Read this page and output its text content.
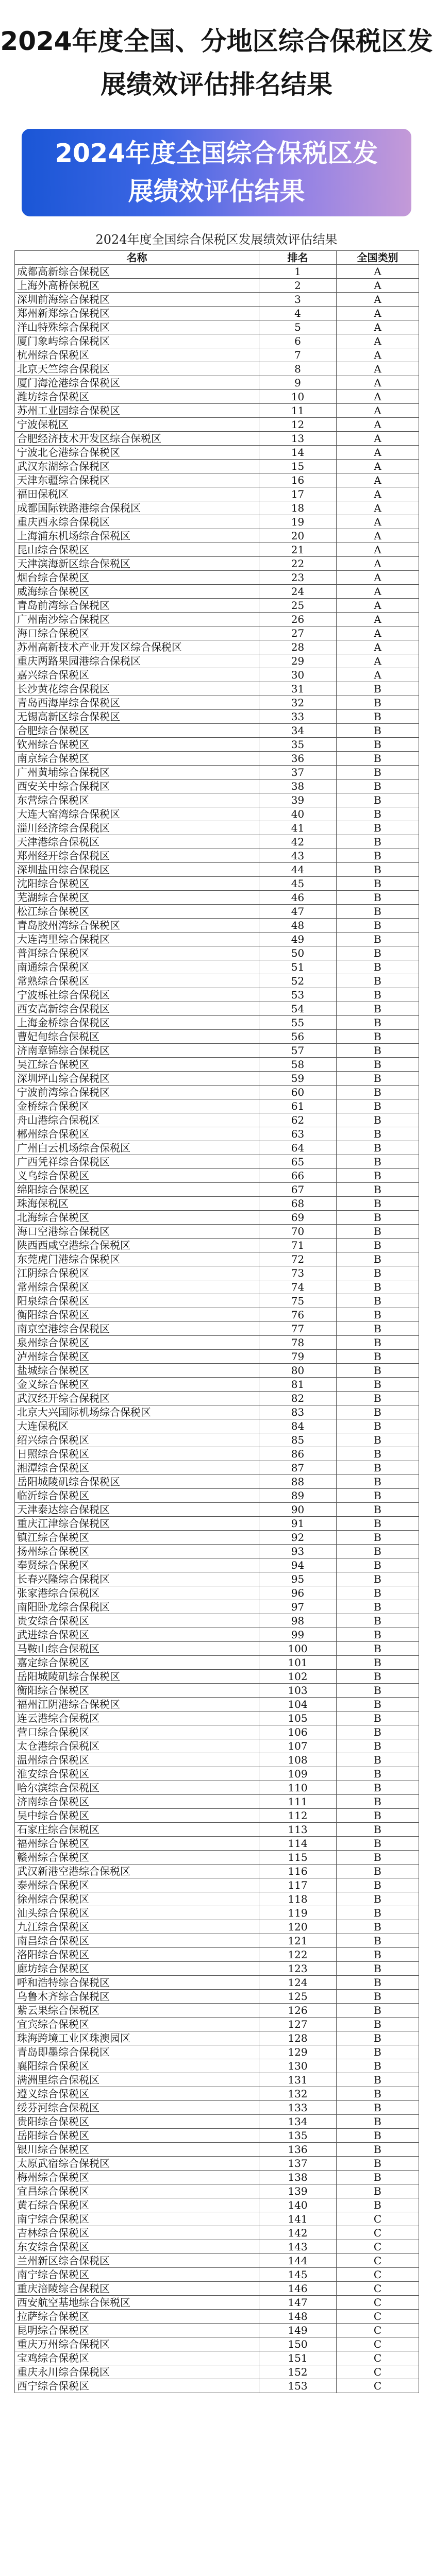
2024年度全国、分地区综合保税区发展绩效评估排名结果
2024年度全国综合保税区发展绩效评估结果
2024年度全国综合保税区发展绩效评估结果
名称	排名	全国类别
成都高新综合保税区	1	A
上海外高桥保税区	2	A
深圳前海综合保税区	3	A
郑州新郑综合保税区	4	A
洋山特殊综合保税区	5	A
厦门象屿综合保税区	6	A
杭州综合保税区	7	A
北京天竺综合保税区	8	A
厦门海沧港综合保税区	9	A
潍坊综合保税区	10	A
苏州工业园综合保税区	11	A
宁波保税区	12	A
合肥经济技术开发区综合保税区	13	A
宁波北仑港综合保税区	14	A
武汉东湖综合保税区	15	A
天津东疆综合保税区	16	A
福田保税区	17	A
成都国际铁路港综合保税区	18	A
重庆西永综合保税区	19	A
上海浦东机场综合保税区	20	A
昆山综合保税区	21	A
天津滨海新区综合保税区	22	A
烟台综合保税区	23	A
威海综合保税区	24	A
青岛前湾综合保税区	25	A
广州南沙综合保税区	26	A
海口综合保税区	27	A
苏州高新技术产业开发区综合保税区	28	A
重庆两路果园港综合保税区	29	A
嘉兴综合保税区	30	A
长沙黄花综合保税区	31	B
青岛西海岸综合保税区	32	B
无锡高新区综合保税区	33	B
合肥综合保税区	34	B
钦州综合保税区	35	B
南京综合保税区	36	B
广州黄埔综合保税区	37	B
西安关中综合保税区	38	B
东营综合保税区	39	B
大连大窑湾综合保税区	40	B
淄川经济综合保税区	41	B
天津港综合保税区	42	B
郑州经开综合保税区	43	B
深圳盐田综合保税区	44	B
沈阳综合保税区	45	B
芜湖综合保税区	46	B
松江综合保税区	47	B
青岛胶州湾综合保税区	48	B
大连湾里综合保税区	49	B
普洱综合保税区	50	B
南通综合保税区	51	B
常熟综合保税区	52	B
宁波栎社综合保税区	53	B
西安高新综合保税区	54	B
上海金桥综合保税区	55	B
曹妃甸综合保税区	56	B
济南章锦综合保税区	57	B
吴江综合保税区	58	B
深圳坪山综合保税区	59	B
宁波前湾综合保税区	60	B
金桥综合保税区	61	B
舟山港综合保税区	62	B
郴州综合保税区	63	B
广州白云机场综合保税区	64	B
广西凭祥综合保税区	65	B
义乌综合保税区	66	B
绵阳综合保税区	67	B
珠海保税区	68	B
北海综合保税区	69	B
海口空港综合保税区	70	B
陕西西咸空港综合保税区	71	B
东莞虎门港综合保税区	72	B
江阴综合保税区	73	B
常州综合保税区	74	B
阳泉综合保税区	75	B
衡阳综合保税区	76	B
南京空港综合保税区	77	B
泉州综合保税区	78	B
泸州综合保税区	79	B
盐城综合保税区	80	B
金义综合保税区	81	B
武汉经开综合保税区	82	B
北京大兴国际机场综合保税区	83	B
大连保税区	84	B
绍兴综合保税区	85	B
日照综合保税区	86	B
湘潭综合保税区	87	B
岳阳城陵矶综合保税区	88	B
临沂综合保税区	89	B
天津泰达综合保税区	90	B
重庆江津综合保税区	91	B
镇江综合保税区	92	B
扬州综合保税区	93	B
奉贤综合保税区	94	B
长春兴隆综合保税区	95	B
张家港综合保税区	96	B
南阳卧龙综合保税区	97	B
贵安综合保税区	98	B
武进综合保税区	99	B
马鞍山综合保税区	100	B
嘉定综合保税区	101	B
岳阳城陵矶综合保税区	102	B
衡阳综合保税区	103	B
福州江阴港综合保税区	104	B
连云港综合保税区	105	B
营口综合保税区	106	B
太仓港综合保税区	107	B
温州综合保税区	108	B
淮安综合保税区	109	B
哈尔滨综合保税区	110	B
济南综合保税区	111	B
吴中综合保税区	112	B
石家庄综合保税区	113	B
福州综合保税区	114	B
赣州综合保税区	115	B
武汉新港空港综合保税区	116	B
泰州综合保税区	117	B
徐州综合保税区	118	B
汕头综合保税区	119	B
九江综合保税区	120	B
南昌综合保税区	121	B
洛阳综合保税区	122	B
廊坊综合保税区	123	B
呼和浩特综合保税区	124	B
乌鲁木齐综合保税区	125	B
紫云果综合保税区	126	B
宜宾综合保税区	127	B
珠海跨境工业区珠澳园区	128	B
青岛即墨综合保税区	129	B
襄阳综合保税区	130	B
满洲里综合保税区	131	B
遵义综合保税区	132	B
绥芬河综合保税区	133	B
贵阳综合保税区	134	B
岳阳综合保税区	135	B
银川综合保税区	136	B
太原武宿综合保税区	137	B
梅州综合保税区	138	B
宜昌综合保税区	139	B
黄石综合保税区	140	B
南宁综合保税区	141	C
吉林综合保税区	142	C
东安综合保税区	143	C
兰州新区综合保税区	144	C
南宁综合保税区	145	C
重庆涪陵综合保税区	146	C
西安航空基地综合保税区	147	C
拉萨综合保税区	148	C
昆明综合保税区	149	C
重庆万州综合保税区	150	C
宝鸡综合保税区	151	C
重庆永川综合保税区	152	C
西宁综合保税区	153	C
